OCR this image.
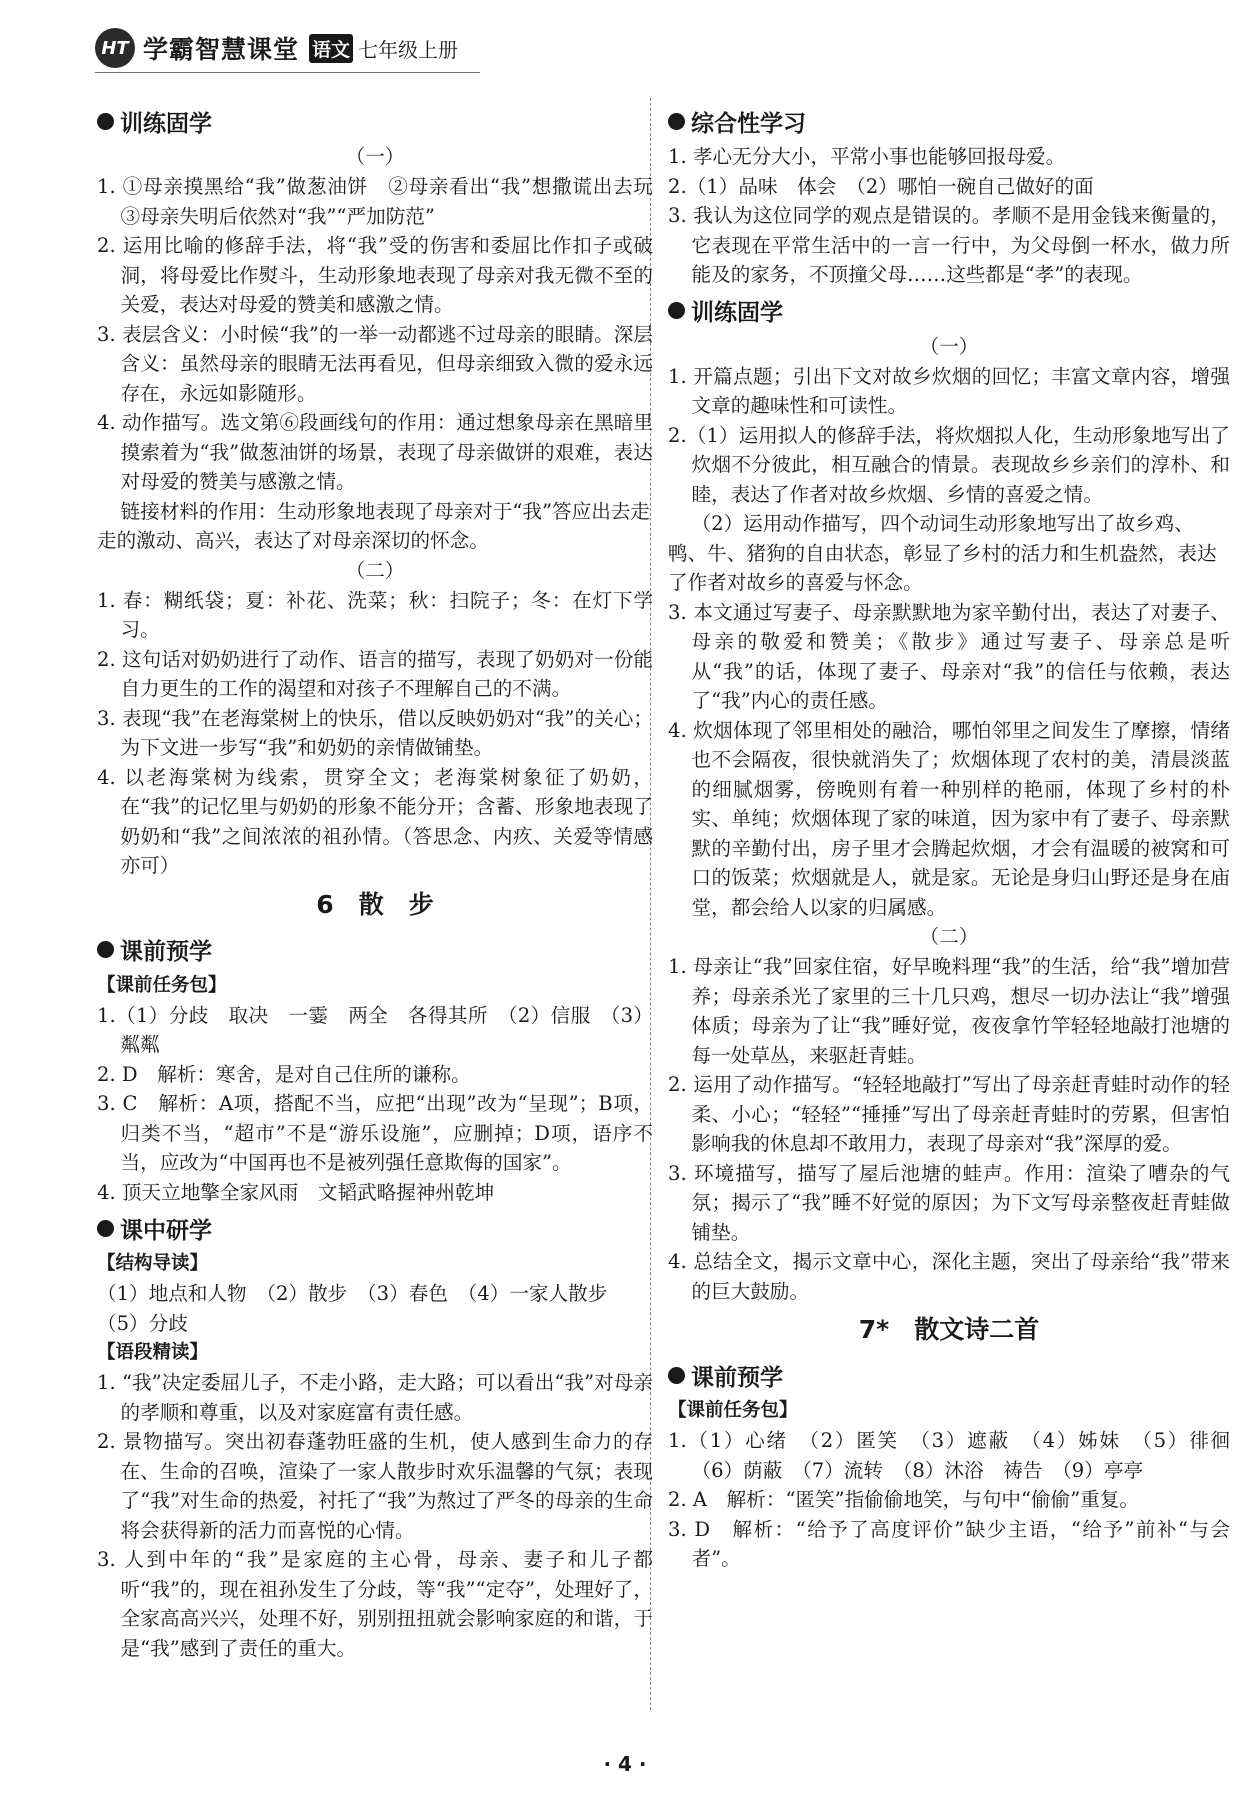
HT 学霸智慧课堂 语文 七年级上册
训练固学
（一）
1. ①母亲摸黑给“我”做葱油饼　②母亲看出“我”想撒谎出去玩　③母亲失明后依然对“我”“严加防范”
2. 运用比喻的修辞手法，将“我”受的伤害和委屈比作扣子或破洞，将母爱比作熨斗，生动形象地表现了母亲对我无微不至的关爱，表达对母爱的赞美和感激之情。
3. 表层含义：小时候“我”的一举一动都逃不过母亲的眼睛。深层含义：虽然母亲的眼睛无法再看见，但母亲细致入微的爱永远存在，永远如影随形。
4. 动作描写。选文第⑥段画线句的作用：通过想象母亲在黑暗里摸索着为“我”做葱油饼的场景，表现了母亲做饼的艰难，表达对母爱的赞美与感激之情。
链接材料的作用：生动形象地表现了母亲对于“我”答应出去走走的激动、高兴，表达了对母亲深切的怀念。
（二）
1. 春：糊纸袋；夏：补花、洗菜；秋：扫院子；冬：在灯下学习。
2. 这句话对奶奶进行了动作、语言的描写，表现了奶奶对一份能自力更生的工作的渴望和对孩子不理解自己的不满。
3. 表现“我”在老海棠树上的快乐，借以反映奶奶对“我”的关心；为下文进一步写“我”和奶奶的亲情做铺垫。
4. 以老海棠树为线索，贯穿全文；老海棠树象征了奶奶，在“我”的记忆里与奶奶的形象不能分开；含蓄、形象地表现了奶奶和“我”之间浓浓的祖孙情。（答思念、内疚、关爱等情感亦可）
6　散　步
课前预学
【课前任务包】
1.（1）分歧　取决　一霎　两全　各得其所　（2）信服　（3）粼粼
2. D　解析：寒舍，是对自己住所的谦称。
3. C　解析：A项，搭配不当，应把“出现”改为“呈现”；B项，归类不当，“超市”不是“游乐设施”，应删掉；D项，语序不当，应改为“中国再也不是被列强任意欺侮的国家”。
4. 顶天立地擎全家风雨　文韬武略握神州乾坤
课中研学
【结构导读】
（1）地点和人物　（2）散步　（3）春色　（4）一家人散步　（5）分歧
【语段精读】
1. “我”决定委屈儿子，不走小路，走大路；可以看出“我”对母亲的孝顺和尊重，以及对家庭富有责任感。
2. 景物描写。突出初春蓬勃旺盛的生机，使人感到生命力的存在、生命的召唤，渲染了一家人散步时欢乐温馨的气氛；表现了“我”对生命的热爱，衬托了“我”为熬过了严冬的母亲的生命将会获得新的活力而喜悦的心情。
3. 人到中年的“我”是家庭的主心骨，母亲、妻子和儿子都听“我”的，现在祖孙发生了分歧，等“我”“定夺”，处理好了，全家高高兴兴，处理不好，别别扭扭就会影响家庭的和谐，于是“我”感到了责任的重大。
综合性学习
1. 孝心无分大小，平常小事也能够回报母爱。
2.（1）品味　体会　（2）哪怕一碗自己做好的面
3. 我认为这位同学的观点是错误的。孝顺不是用金钱来衡量的，它表现在平常生活中的一言一行中，为父母倒一杯水，做力所能及的家务，不顶撞父母……这些都是“孝”的表现。
训练固学
（一）
1. 开篇点题；引出下文对故乡炊烟的回忆；丰富文章内容，增强文章的趣味性和可读性。
2.（1）运用拟人的修辞手法，将炊烟拟人化，生动形象地写出了炊烟不分彼此，相互融合的情景。表现故乡乡亲们的淳朴、和睦，表达了作者对故乡炊烟、乡情的喜爱之情。
（2）运用动作描写，四个动词生动形象地写出了故乡鸡、鸭、牛、猪狗的自由状态，彰显了乡村的活力和生机盎然，表达了作者对故乡的喜爱与怀念。
3. 本文通过写妻子、母亲默默地为家辛勤付出，表达了对妻子、母亲的敬爱和赞美；《散步》通过写妻子、母亲总是听从“我”的话，体现了妻子、母亲对“我”的信任与依赖，表达了“我”内心的责任感。
4. 炊烟体现了邻里相处的融洽，哪怕邻里之间发生了摩擦，情绪也不会隔夜，很快就消失了；炊烟体现了农村的美，清晨淡蓝的细腻烟雾，傍晚则有着一种别样的艳丽，体现了乡村的朴实、单纯；炊烟体现了家的味道，因为家中有了妻子、母亲默默的辛勤付出，房子里才会腾起炊烟，才会有温暖的被窝和可口的饭菜；炊烟就是人，就是家。无论是身归山野还是身在庙堂，都会给人以家的归属感。
（二）
1. 母亲让“我”回家住宿，好早晚料理“我”的生活，给“我”增加营养；母亲杀光了家里的三十几只鸡，想尽一切办法让“我”增强体质；母亲为了让“我”睡好觉，夜夜拿竹竿轻轻地敲打池塘的每一处草丛，来驱赶青蛙。
2. 运用了动作描写。“轻轻地敲打”写出了母亲赶青蛙时动作的轻柔、小心；“轻轻”“捶捶”写出了母亲赶青蛙时的劳累，但害怕影响我的休息却不敢用力，表现了母亲对“我”深厚的爱。
3. 环境描写，描写了屋后池塘的蛙声。作用：渲染了嘈杂的气氛；揭示了“我”睡不好觉的原因；为下文写母亲整夜赶青蛙做铺垫。
4. 总结全文，揭示文章中心，深化主题，突出了母亲给“我”带来的巨大鼓励。
7*　散文诗二首
课前预学
【课前任务包】
1.（1）心绪　（2）匿笑　（3）遮蔽　（4）姊妹　（5）徘徊　（6）荫蔽　（7）流转　（8）沐浴　祷告　（9）亭亭
2. A　解析：“匿笑”指偷偷地笑，与句中“偷偷”重复。
3. D　解析：“给予了高度评价”缺少主语，“给予”前补“与会者”。
· 4 ·
